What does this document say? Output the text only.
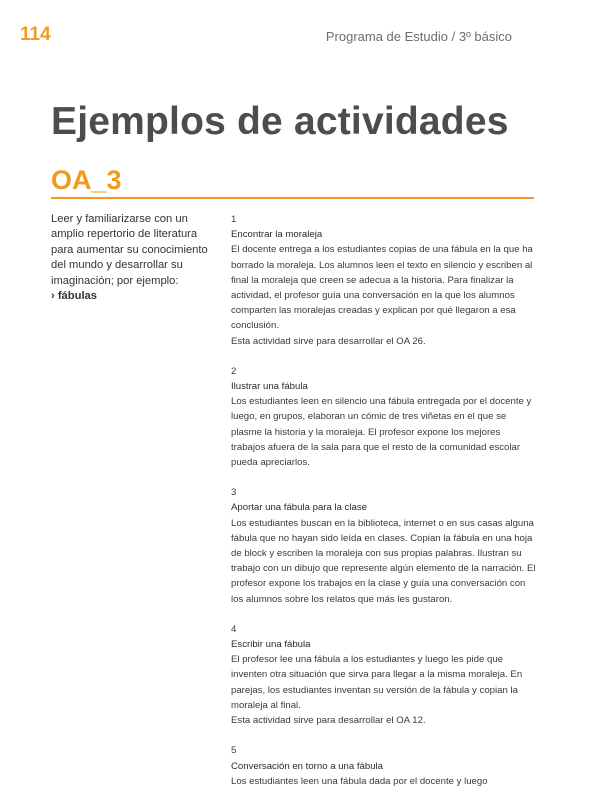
114	Programa de Estudio / 3º básico
Ejemplos de actividades
OA_3
Leer y familiarizarse con un amplio repertorio de literatura para aumentar su conocimiento del mundo y desarrollar su imaginación; por ejemplo:
› fábulas
1
Encontrar la moraleja

El docente entrega a los estudiantes copias de una fábula en la que ha borrado la moraleja. Los alumnos leen el texto en silencio y escriben al final la moraleja que creen se adecua a la historia. Para finalizar la actividad, el profesor guía una conversación en la que los alumnos comparten las moralejas creadas y explican por qué llegaron a esa conclusión.

Esta actividad sirve para desarrollar el OA 26.

2
Ilustrar una fábula

Los estudiantes leen en silencio una fábula entregada por el docente y luego, en grupos, elaboran un cómic de tres viñetas en el que se plasme la historia y la moraleja. El profesor expone los mejores trabajos afuera de la sala para que el resto de la comunidad escolar pueda apreciarlos.

3
Aportar una fábula para la clase

Los estudiantes buscan en la biblioteca, internet o en sus casas alguna fábula que no hayan sido leída en clases. Copian la fábula en una hoja de block y escriben la moraleja con sus propias palabras. Ilustran su trabajo con un dibujo que represente algún elemento de la narración. El profesor expone los trabajos en la clase y guía una conversación con los alumnos sobre los relatos que más les gustaron.

4
Escribir una fábula

El profesor lee una fábula a los estudiantes y luego les pide que inventen otra situación que sirva para llegar a la misma moraleja. En parejas, los estudiantes inventan su versión de la fábula y copian la moraleja al final.

Esta actividad sirve para desarrollar el OA 12.

5
Conversación en torno a una fábula

Los estudiantes leen una fábula dada por el docente y luego
